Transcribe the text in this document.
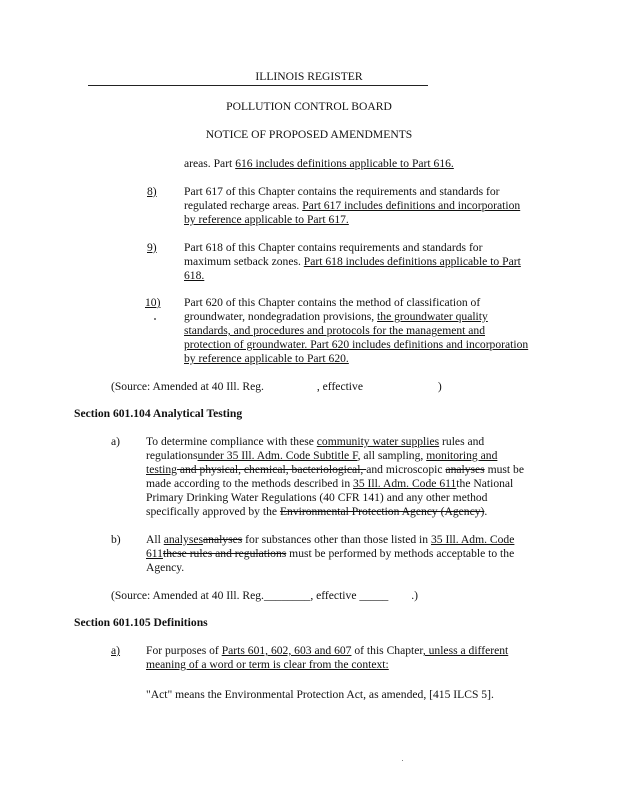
ILLINOIS REGISTER
POLLUTION CONTROL BOARD
NOTICE OF PROPOSED AMENDMENTS
areas. Part 616 includes definitions applicable to Part 616.
8)	Part 617 of this Chapter contains the requirements and standards for
regulated recharge areas. Part 617 includes definitions and incorporation
by reference applicable to Part 617.
9)	Part 618 of this Chapter contains requirements and standards for
maximum setback zones. Part 618 includes definitions applicable to Part
618.
10)	Part 620 of this Chapter contains the method of classification of
groundwater, nondegradation provisions, the groundwater quality
standards, and procedures and protocols for the management and
protection of groundwater. Part 620 includes definitions and incorporation
by reference applicable to Part 620.
(Source: Amended at 40 Ill. Reg.	, effective	)
Section 601.104 Analytical Testing
a) To determine compliance with these community water supplies rules and
regulationsunder 35 Ill. Adm. Code Subtitle F, all sampling, monitoring and
testing and physical, chemical, bacteriological, and microscopic analyses must be
made according to the methods described in 35 Ill. Adm. Code 611the National
Primary Drinking Water Regulations (40 CFR 141) and any other method
specifically approved by the Environmental Protection Agency (Agency).
b) All analysesanalyses for substances other than those listed in 35 Ill. Adm. Code
611these rules and regulations must be performed by methods acceptable to the
Agency.
(Source: Amended at 40 Ill. Reg.________, effective _____ .)
Section 601.105 Definitions
a) For purposes of Parts 601, 602, 603 and 607 of this Chapter, unless a different
meaning of a word or term is clear from the context:
"Act" means the Environmental Protection Act, as amended, [415 ILCS 5].
